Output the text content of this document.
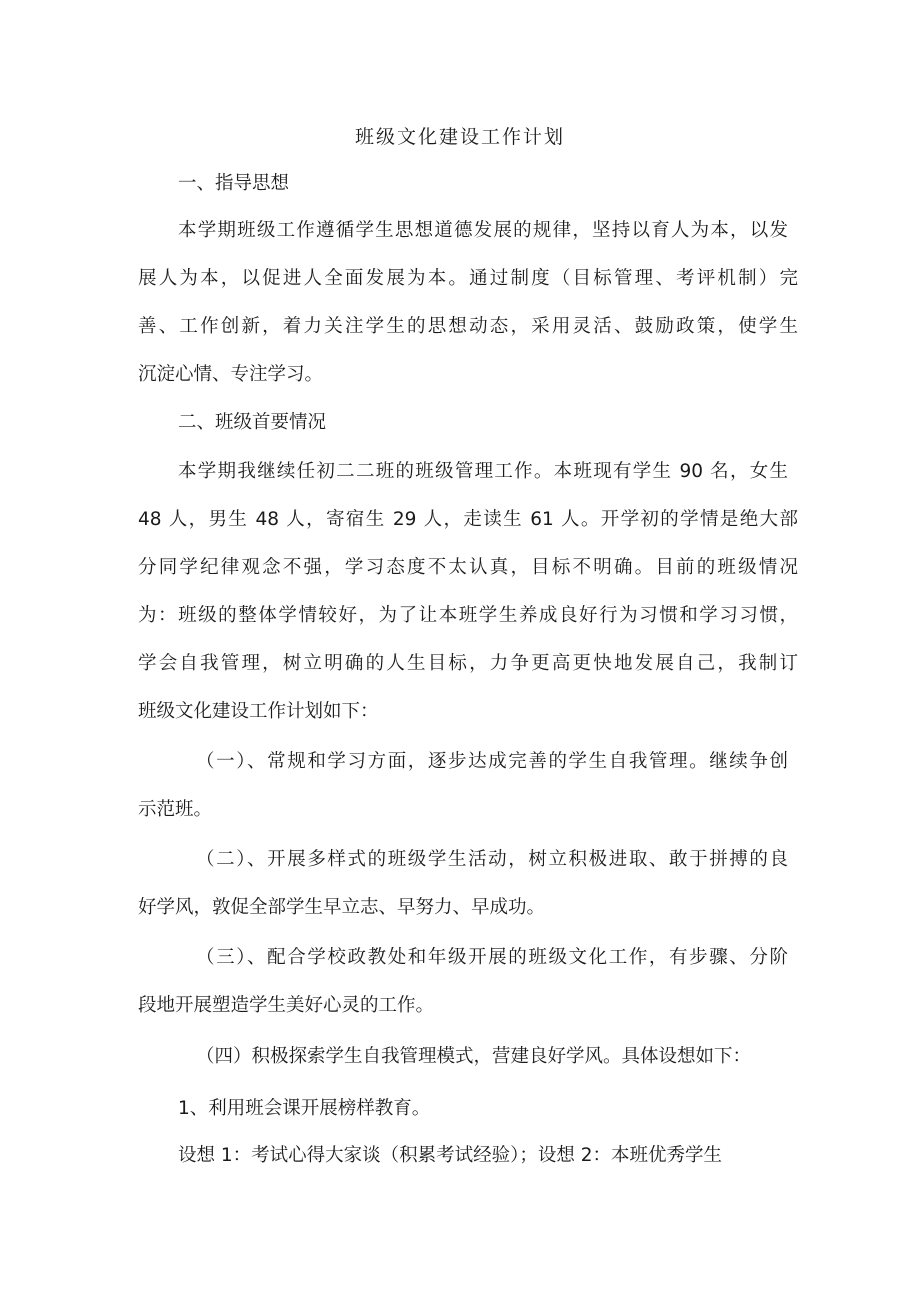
班级文化建设工作计划
一、指导思想
本学期班级工作遵循学生思想道德发展的规律，坚持以育人为本，以发
展人为本，以促进人全面发展为本。通过制度（目标管理、考评机制）完
善、工作创新，着力关注学生的思想动态，采用灵活、鼓励政策，使学生
沉淀心情、专注学习。
二、班级首要情况
本学期我继续任初二二班的班级管理工作。本班现有学生 90 名，女生
48 人，男生 48 人，寄宿生 29 人，走读生 61 人。开学初的学情是绝大部
分同学纪律观念不强，学习态度不太认真，目标不明确。目前的班级情况
为：班级的整体学情较好，为了让本班学生养成良好行为习惯和学习习惯，
学会自我管理，树立明确的人生目标，力争更高更快地发展自己，我制订
班级文化建设工作计划如下：
（一）、常规和学习方面，逐步达成完善的学生自我管理。继续争创
示范班。
（二）、开展多样式的班级学生活动，树立积极进取、敢于拼搏的良
好学风，敦促全部学生早立志、早努力、早成功。
（三）、配合学校政教处和年级开展的班级文化工作，有步骤、分阶
段地开展塑造学生美好心灵的工作。
（四）积极探索学生自我管理模式，营建良好学风。具体设想如下：
1、利用班会课开展榜样教育。
设想 1：考试心得大家谈（积累考试经验）；设想 2：本班优秀学生
